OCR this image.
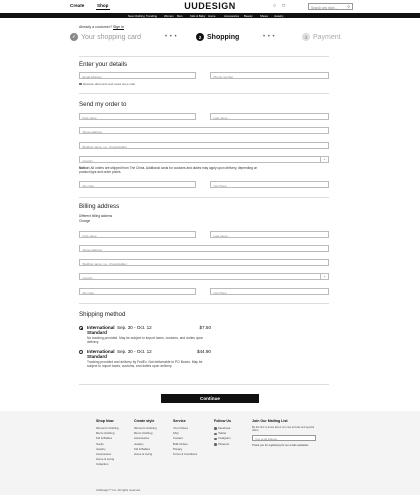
Create	Shop	UUDESIGN	○ □	Search any style...	⚲
New Clothing Trending	Women Men	Kids & Baby Home	Accessories Beauty	Shoes Jewelry
Already a customer? Sign in
✓ Your shopping card	• • •	2 Shopping	• • •	3 Payment
Enter your details
Email Address	Phone number
Receive discounts and news via e-mail
Send my order to
First name	Last name
Street address
Building name, no., (if applicable)
Country	⌄
Notice: All orders are shipped from The China. Additional costs for customs and duties may apply upon delivery, depending on product type and order prices.
Zip code	City/Town
Billing address
Different billing address
Change
First name	Last name
Street address
Building name, no., (if applicable)
Country	⌄
Zip code	City/Town
Shipping method
International Standard
Sep. 30 - Oct. 12	$7.50
No tracking provided. May be subject to import taxes, customs, and duties upon delivery.
International Standard
Sep. 30 - Oct. 12	$44.90
Tracking provided and delivery by FedEx. Not deliverable to PO Boxes. May be subject to import taxes, customs, and duties upon delivery.
Continue
Shop Now
Women's Clothing
Men's Clothing
Kid & Babies
Socks
Jewelry
Accessories
Home & Living
Collection
Create style
Women's Clothing
Men's Clothing
Accessories
Jewelry
Kid & Babies
Home & Living
Service
Your Orders
FAQ
Contact
Bulk Orders
Privacy
Terms & Conditions
Follow Us
Facebook
Twitter
Instagram
Pinterest
Join Our Mailing List
Be the first to know about our new arrivals and special offers.
Your email address
Thank you for registering for our email newsletter.
UUDesign™ Inc. All rights reserved.
